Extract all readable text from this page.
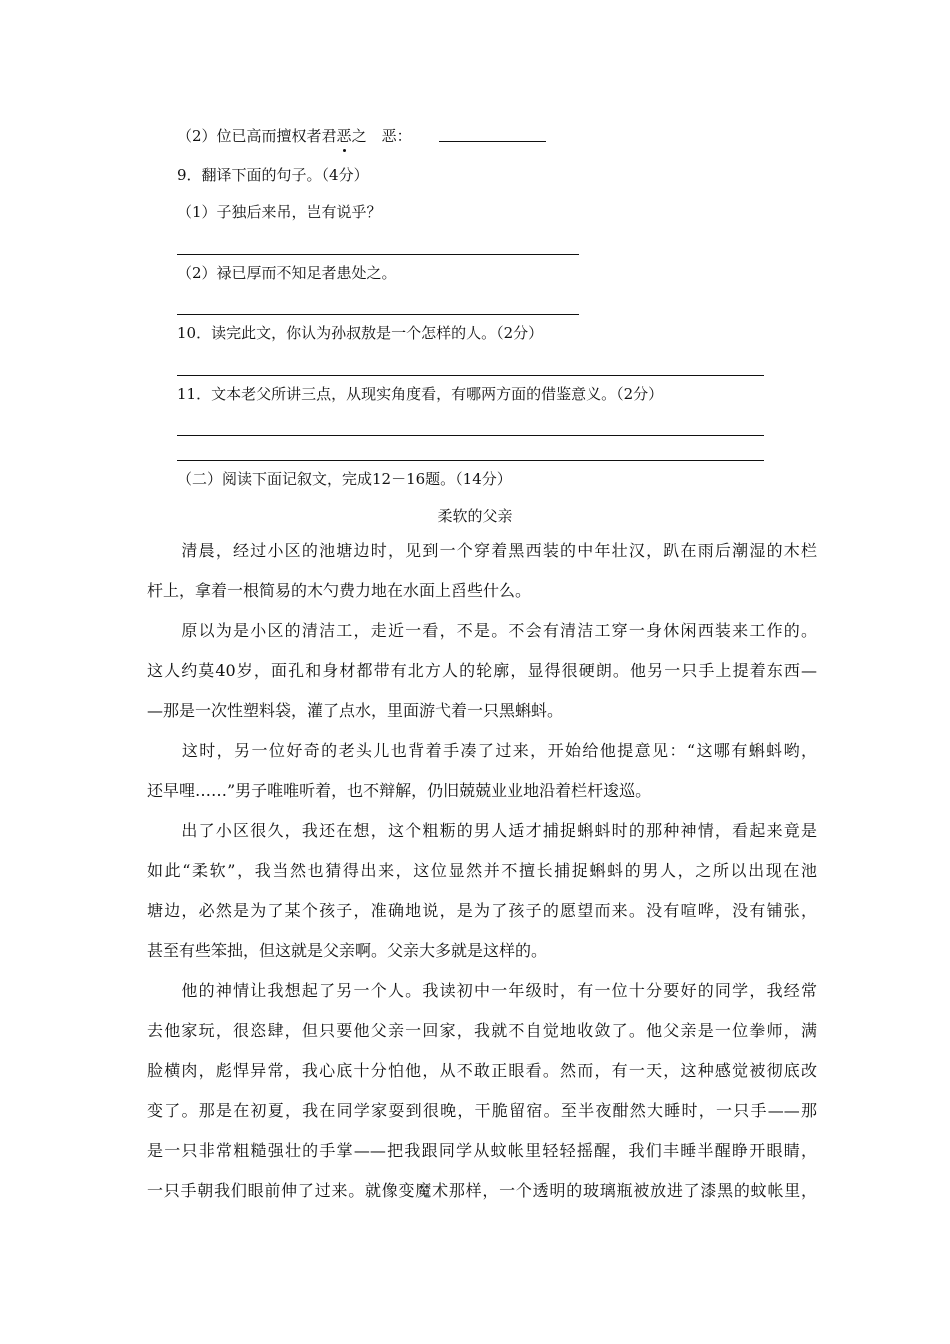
（2）位已高而擅权者君恶之　恶：
9．翻译下面的句子。（4分）
（1）子独后来吊，岂有说乎？
（2）禄已厚而不知足者患处之。
10．读完此文，你认为孙叔敖是一个怎样的人。（2分）
11．文本老父所讲三点，从现实角度看，有哪两方面的借鉴意义。（2分）
（二）阅读下面记叙文，完成12－16题。（14分）
柔软的父亲
　　清晨，经过小区的池塘边时，见到一个穿着黑西装的中年壮汉，趴在雨后潮湿的木栏
杆上，拿着一根简易的木勺费力地在水面上舀些什么。
　　原以为是小区的清洁工，走近一看，不是。不会有清洁工穿一身休闲西装来工作的。
这人约莫40岁，面孔和身材都带有北方人的轮廓，显得很硬朗。他另一只手上提着东西—
—那是一次性塑料袋，灌了点水，里面游弋着一只黑蝌蚪。
　　这时，另一位好奇的老头儿也背着手凑了过来，开始给他提意见：“这哪有蝌蚪哟，
还早哩……”男子唯唯听着，也不辩解，仍旧兢兢业业地沿着栏杆逡巡。
　　出了小区很久，我还在想，这个粗粝的男人适才捕捉蝌蚪时的那种神情，看起来竟是
如此“柔软”，我当然也猜得出来，这位显然并不擅长捕捉蝌蚪的男人，之所以出现在池
塘边，必然是为了某个孩子，准确地说，是为了孩子的愿望而来。没有喧哗，没有铺张，
甚至有些笨拙，但这就是父亲啊。父亲大多就是这样的。
　　他的神情让我想起了另一个人。我读初中一年级时，有一位十分要好的同学，我经常
去他家玩，很恣肆，但只要他父亲一回家，我就不自觉地收敛了。他父亲是一位拳师，满
脸横肉，彪悍异常，我心底十分怕他，从不敢正眼看。然而，有一天，这种感觉被彻底改
变了。那是在初夏，我在同学家耍到很晚，干脆留宿。至半夜酣然大睡时，一只手——那
是一只非常粗糙强壮的手掌——把我跟同学从蚊帐里轻轻摇醒，我们丰睡半醒睁开眼睛，
一只手朝我们眼前伸了过来。就像变魔术那样，一个透明的玻璃瓶被放进了漆黑的蚊帐里，
